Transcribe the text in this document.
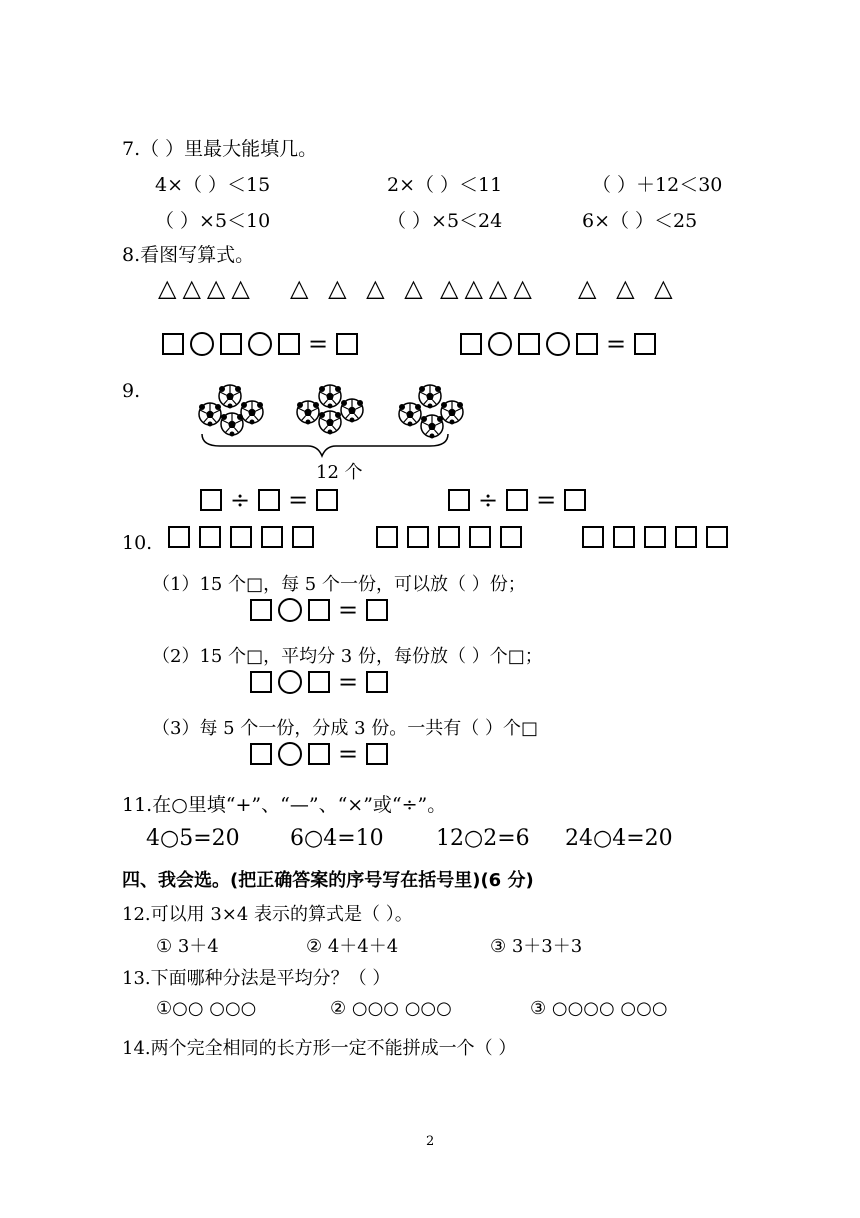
7.（ ）里最大能填几。
4×（ ）＜15	2×（ ）＜11	（ ）＋12＜30
（ ）×5＜10	（ ）×5＜24	6×（ ）＜25
8.看图写算式。
△△△△ △ △ △ △ △△△△ △ △ △
=	=
9.
12 个
÷ =	÷ =
10.
（1）15 个□，每 5 个一份，可以放（ ）份；
=
（2）15 个□，平均分 3 份，每份放（ ）个□；
=
（3）每 5 个一份，分成 3 份。一共有（ ）个□
=
11.在○里填“+”、“—”、“×”或“÷”。
4○5=20 6○4=10 12○2=6 24○4=20
四、我会选。(把正确答案的序号写在括号里)(6 分)
12.可以用 3×4 表示的算式是（ ）。
① 3＋4	② 4＋4＋4	③ 3＋3＋3
13.下面哪种分法是平均分？（ ）
①○○ ○○○	② ○○○ ○○○	③ ○○○○ ○○○
14.两个完全相同的长方形一定不能拼成一个（ ）
2
